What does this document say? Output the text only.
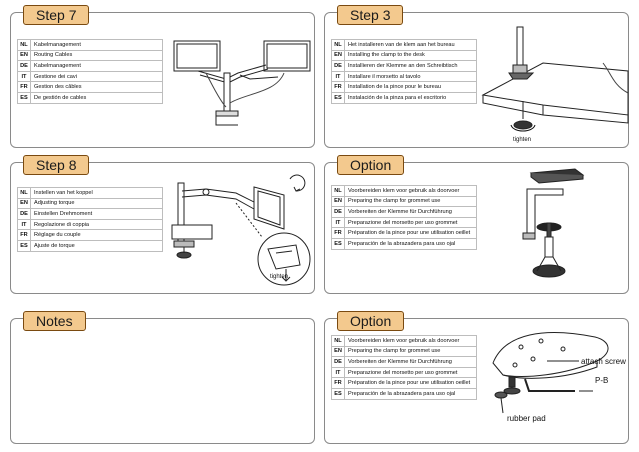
Step 7
NL	Kabelmanagement
EN	Routing Cables
DE	Kabelmanagement
IT	Gestione dei cavi
FR	Gestion des câbles
ES	De gestión de cables
Step 3
NL	Het installeren van de klem aan het bureau
EN	Installing the clamp to the desk
DE	Installieren der Klemme an den Schreibtisch
IT	Installare il morsetto al tavolo
FR	Installation de la pince pour le bureau
ES	Instalación de la pinza para el escritorio
tighten
Step 8
NL	Instellen van het koppel
EN	Adjusting torque
DE	Einstellen Drehmoment
IT	Regolazione di coppia
FR	Réglage du couple
ES	Ajuste de torque
tighten
Option
NL	Voorbereiden klem voor gebruik als doorvoer
EN	Preparing the clamp for grommet use
DE	Vorbereiten der Klemme für Durchführung
IT	Preparazione del morsetto per uso grommet
FR	Préparation de la pince pour une utilisation oeillet
ES	Preparación de la abrazadera para uso ojal
Notes	Option
NL	Voorbereiden klem voor gebruik als doorvoer
EN	Preparing the clamp for grommet use
DE	Vorbereiten der Klemme für Durchführung
IT	Preparazione del morsetto per uso grommet
FR	Préparation de la pince pour une utilisation oeillet
ES	Preparación de la abrazadera para uso ojal
attach screw
P-B
rubber pad
